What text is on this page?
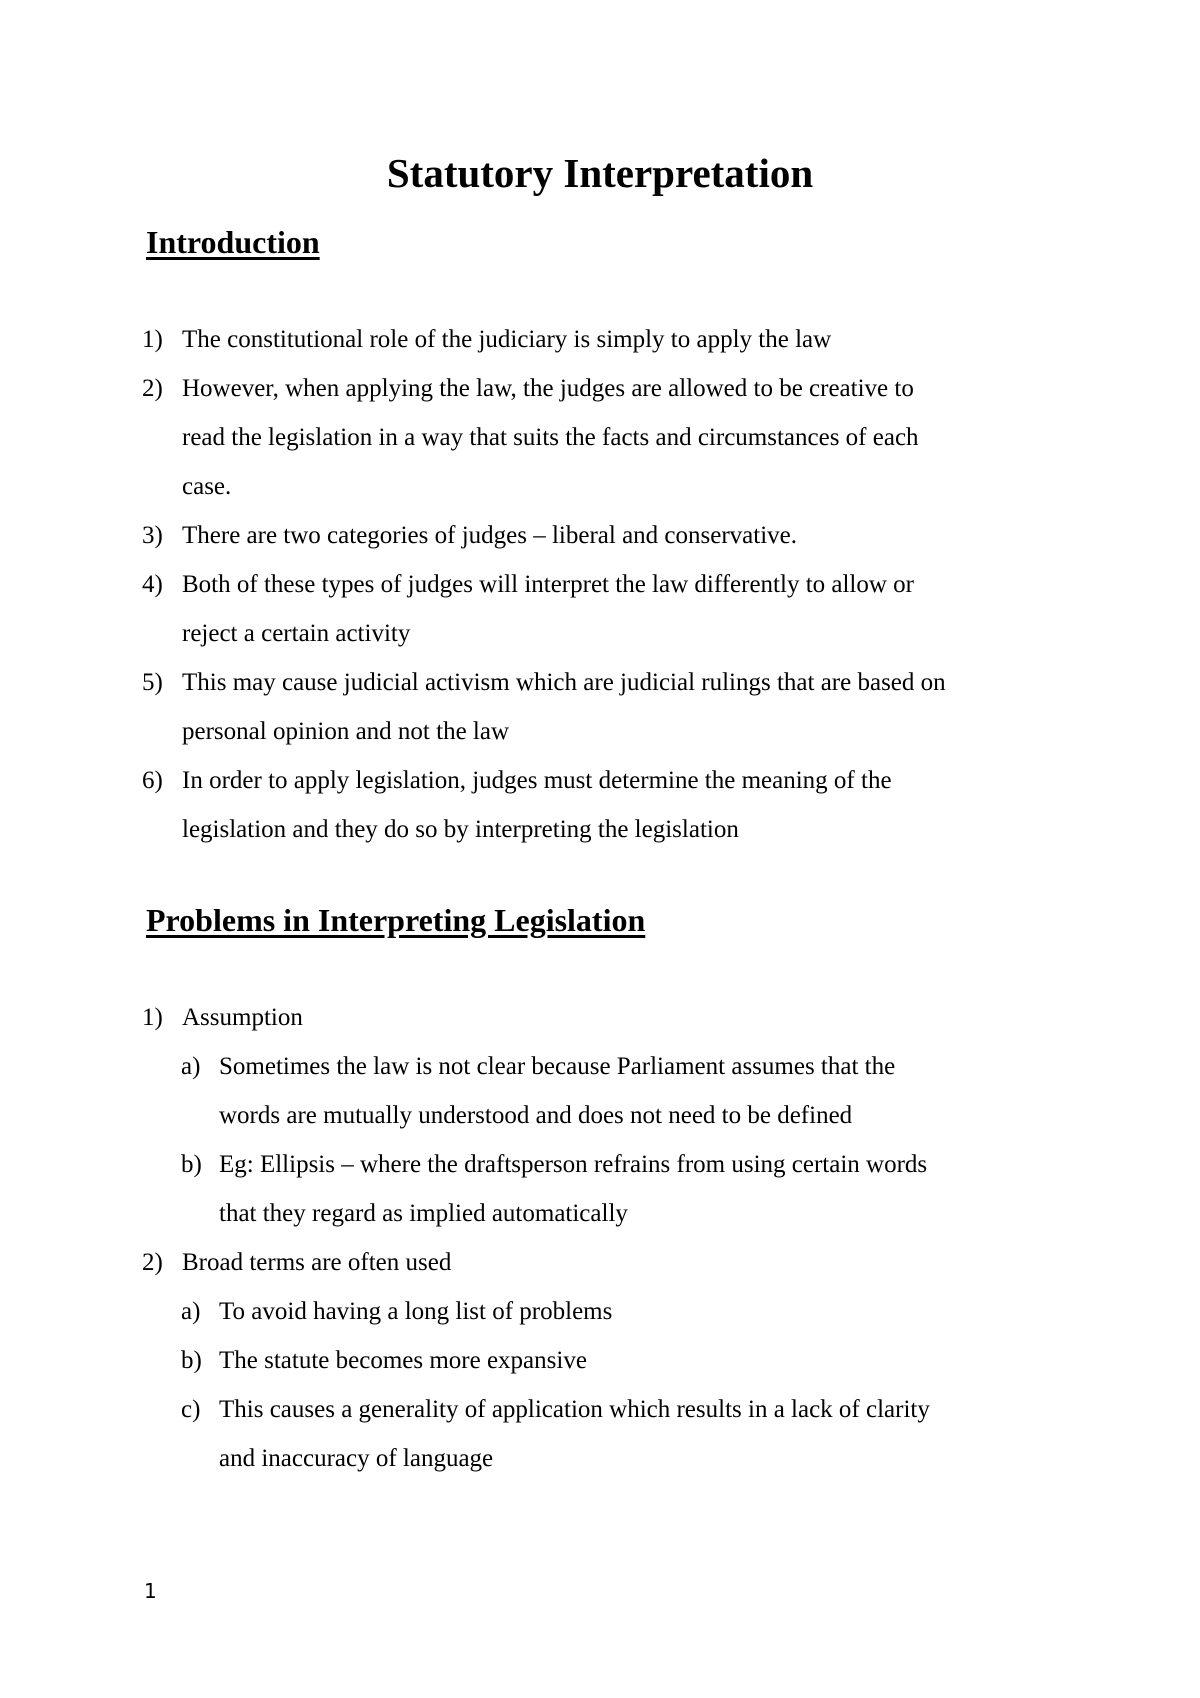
Statutory Interpretation
Introduction
1) The constitutional role of the judiciary is simply to apply the law
2) However, when applying the law, the judges are allowed to be creative to
read the legislation in a way that suits the facts and circumstances of each
case.
3) There are two categories of judges – liberal and conservative.
4) Both of these types of judges will interpret the law differently to allow or
reject a certain activity
5) This may cause judicial activism which are judicial rulings that are based on
personal opinion and not the law
6) In order to apply legislation, judges must determine the meaning of the
legislation and they do so by interpreting the legislation
Problems in Interpreting Legislation
1) Assumption
a) Sometimes the law is not clear because Parliament assumes that the
words are mutually understood and does not need to be defined
b) Eg: Ellipsis – where the draftsperson refrains from using certain words
that they regard as implied automatically
2) Broad terms are often used
a) To avoid having a long list of problems
b) The statute becomes more expansive
c) This causes a generality of application which results in a lack of clarity
and inaccuracy of language
1
